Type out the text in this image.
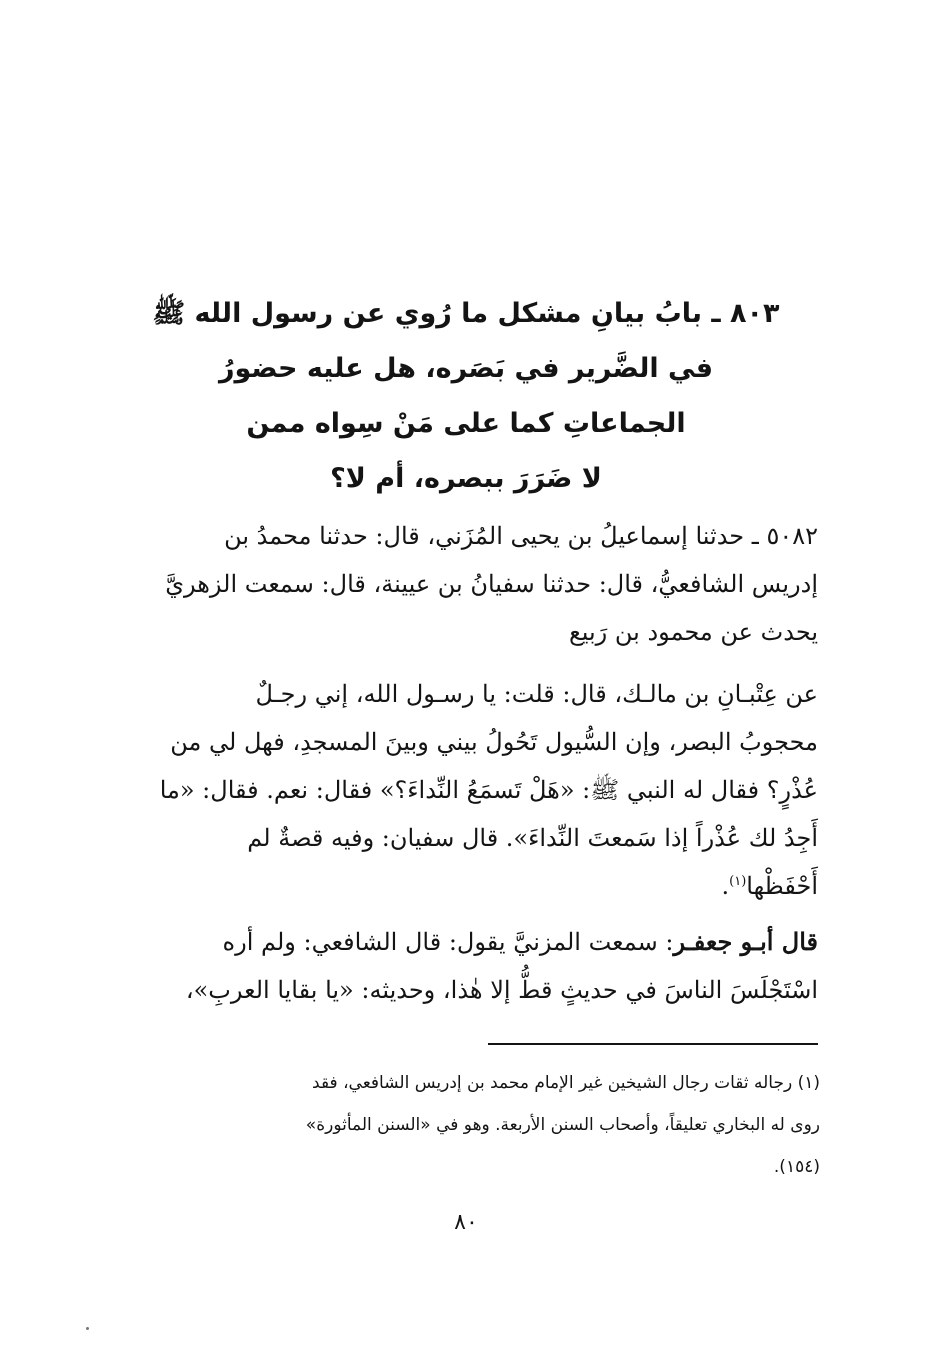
٨٠٣ ـ بابُ بيانِ مشكل ما رُوي عن رسول الله ﷺ
في الضَّرير في بَصَره، هل عليه حضورُ
الجماعاتِ كما على مَنْ سِواه ممن
لا ضَرَرَ ببصره، أم لا؟
٥٠٨٢ ـ حدثنا إسماعيلُ بن يحيى المُزَني، قال: حدثنا محمدُ بن
إدريس الشافعيُّ، قال: حدثنا سفيانُ بن عيينة، قال: سمعت الزهريَّ
يحدث عن محمود بن رَبيع
عن عِتْبـانِ بن مالـك، قال: قلت: يا رسـول الله، إني رجـلٌ
محجوبُ البصر، وإن السُّيول تَحُولُ بيني وبينَ المسجدِ، فهل لي من
عُذْرٍ؟ فقال له النبي ﷺ: «هَلْ تَسمَعُ النِّداءَ؟» فقال: نعم. فقال: «ما
أَجِدُ لك عُذْراً إذا سَمعتَ النِّداءَ». قال سفيان: وفيه قصةٌ لم
أَحْفَظْها$^{(١)}$.
قال أبـو جعفـر: سمعت المزنيَّ يقول: قال الشافعي: ولم أره
اسْتَجْلَسَ الناسَ في حديثٍ قطُّ إلا هٰذا، وحديثه: «يا بقايا العربِ»،
(١) رجاله ثقات رجال الشيخين غير الإمام محمد بن إدريس الشافعي، فقد
روى له البخاري تعليقاً، وأصحاب السنن الأربعة. وهو في «السنن المأثورة»
(١٥٤).
٨٠
